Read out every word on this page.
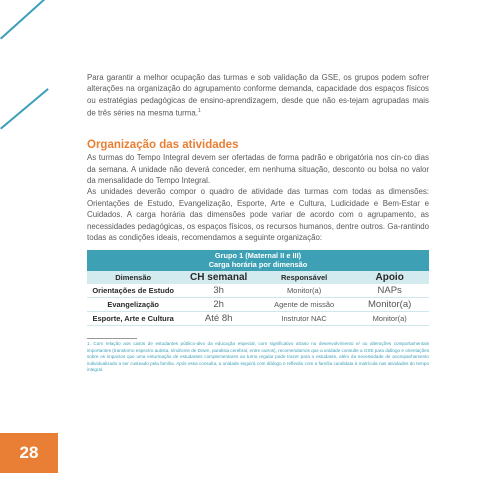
Para garantir a melhor ocupação das turmas e sob validação da GSE, os grupos podem sofrer alterações na organização do agrupamento conforme demanda, capacidade dos espaços físicos ou estratégias pedagógicas de ensino-aprendizagem, desde que não es-tejam agrupadas mais de três séries na mesma turma.$^1$

Organização das atividades

As turmas do Tempo Integral devem ser ofertadas de forma padrão e obrigatória nos cin-co dias da semana. A unidade não deverá conceder, em nenhuma situação, desconto ou bolsa no valor da mensalidade do Tempo Integral.

As unidades deverão compor o quadro de atividade das turmas com todas as dimensões: Orientações de Estudo, Evangelização, Esporte, Arte e Cultura, Ludicidade e Bem-Estar e Cuidados. A carga horária das dimensões pode variar de acordo com o agrupamento, as necessidades pedagógicas, os espaços físicos, os recursos humanos, dentre outros. Ga-rantindo todas as condições ideais, recomendamos a seguinte organização:

Grupo 1 (Maternal II e III)
Carga horária por dimensão			

Dimensão	CH semanal	Responsável	Apoio
Orientações de Estudo	3h	Monitor(a)	NAPs
Evangelização	2h	Agente de missão	Monitor(a)
Esporte, Arte e Cultura	Até 8h	Instrutor NAC	Monitor(a)

1. Com relação aos casos de estudantes público-alvo da educação especial, com significativo atraso no desenvolvimento e/ ou alterações comportamentais importantes (transtorno espectro autista, síndrome de Down, paralisia cerebral, entre outros), recomendamos que a unidade consulte a GSE para diálogo e orientações sobre os impactos que uma enturmação de estudantes complementares ao turno regular pode trazer para o estudante, além da necessidade de acompanhamento individualizado a ser custeado pela família. Após essa consulta, a unidade seguirá com diálogo e reflexão com a família candidata à matrícula nas atividades do tempo integral.

28
